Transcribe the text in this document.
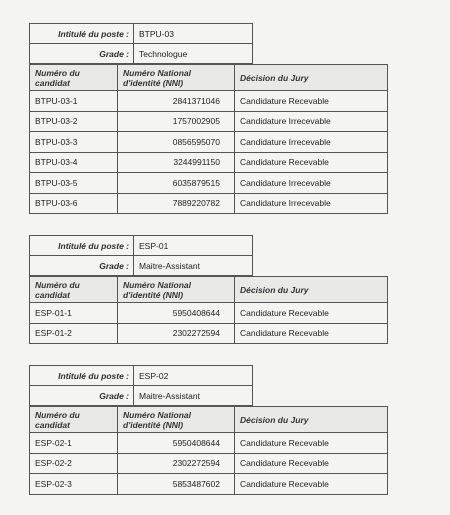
Intitulé du poste :	BTPU-03
Grade :	Technologue
Numéro du candidat	Numéro National d'identité (NNI)	Décision du Jury
BTPU-03-1	2841371046	Candidature Recevable
BTPU-03-2	1757002905	Candidature Irrecevable
BTPU-03-3	0856595070	Candidature Irrecevable
BTPU-03-4	3244991150	Candidature Recevable
BTPU-03-5	6035879515	Candidature Irrecevable
BTPU-03-6	7889220782	Candidature Irrecevable
Intitulé du poste :	ESP-01
Grade :	Maitre-Assistant
Numéro du candidat	Numéro National d'identité (NNI)	Décision du Jury
ESP-01-1	5950408644	Candidature Recevable
ESP-01-2	2302272594	Candidature Recevable
Intitulé du poste :	ESP-02
Grade :	Maitre-Assistant
Numéro du candidat	Numéro National d'identité (NNI)	Décision du Jury
ESP-02-1	5950408644	Candidature Recevable
ESP-02-2	2302272594	Candidature Recevable
ESP-02-3	5853487602	Candidature Recevable
